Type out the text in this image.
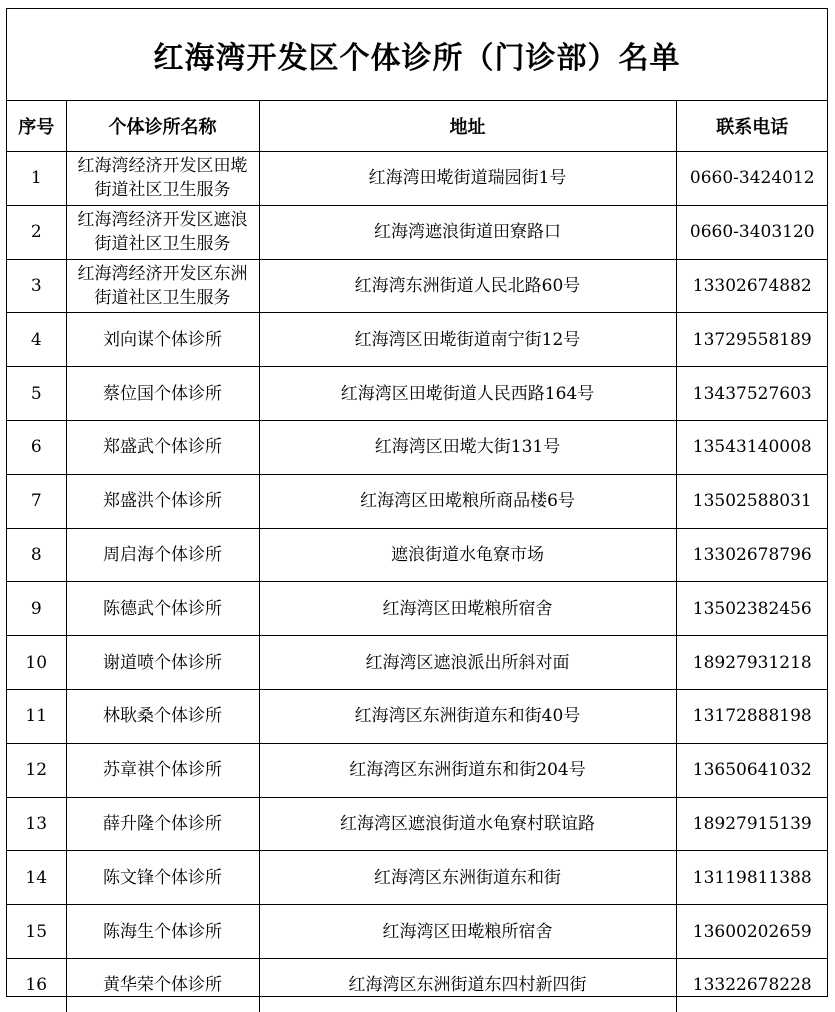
红海湾开发区个体诊所（门诊部）名单
序号	个体诊所名称	地址	联系电话
1	红海湾经济开发区田墘街道社区卫生服务	红海湾田墘街道瑞园街1号	0660-3424012
2	红海湾经济开发区遮浪街道社区卫生服务	红海湾遮浪街道田寮路口	0660-3403120
3	红海湾经济开发区东洲街道社区卫生服务	红海湾东洲街道人民北路60号	13302674882
4	刘向谋个体诊所	红海湾区田墘街道南宁街12号	13729558189
5	蔡位国个体诊所	红海湾区田墘街道人民西路164号	13437527603
6	郑盛武个体诊所	红海湾区田墘大街131号	13543140008
7	郑盛洪个体诊所	红海湾区田墘粮所商品楼6号	13502588031
8	周启海个体诊所	遮浪街道水龟寮市场	13302678796
9	陈德武个体诊所	红海湾区田墘粮所宿舍	13502382456
10	谢道喷个体诊所	红海湾区遮浪派出所斜对面	18927931218
11	林耿桑个体诊所	红海湾区东洲街道东和街40号	13172888198
12	苏章祺个体诊所	红海湾区东洲街道东和街204号	13650641032
13	薛升隆个体诊所	红海湾区遮浪街道水龟寮村联谊路	18927915139
14	陈文锋个体诊所	红海湾区东洲街道东和街	13119811388
15	陈海生个体诊所	红海湾区田墘粮所宿舍	13600202659
16	黄华荣个体诊所	红海湾区东洲街道东四村新四街	13322678228
